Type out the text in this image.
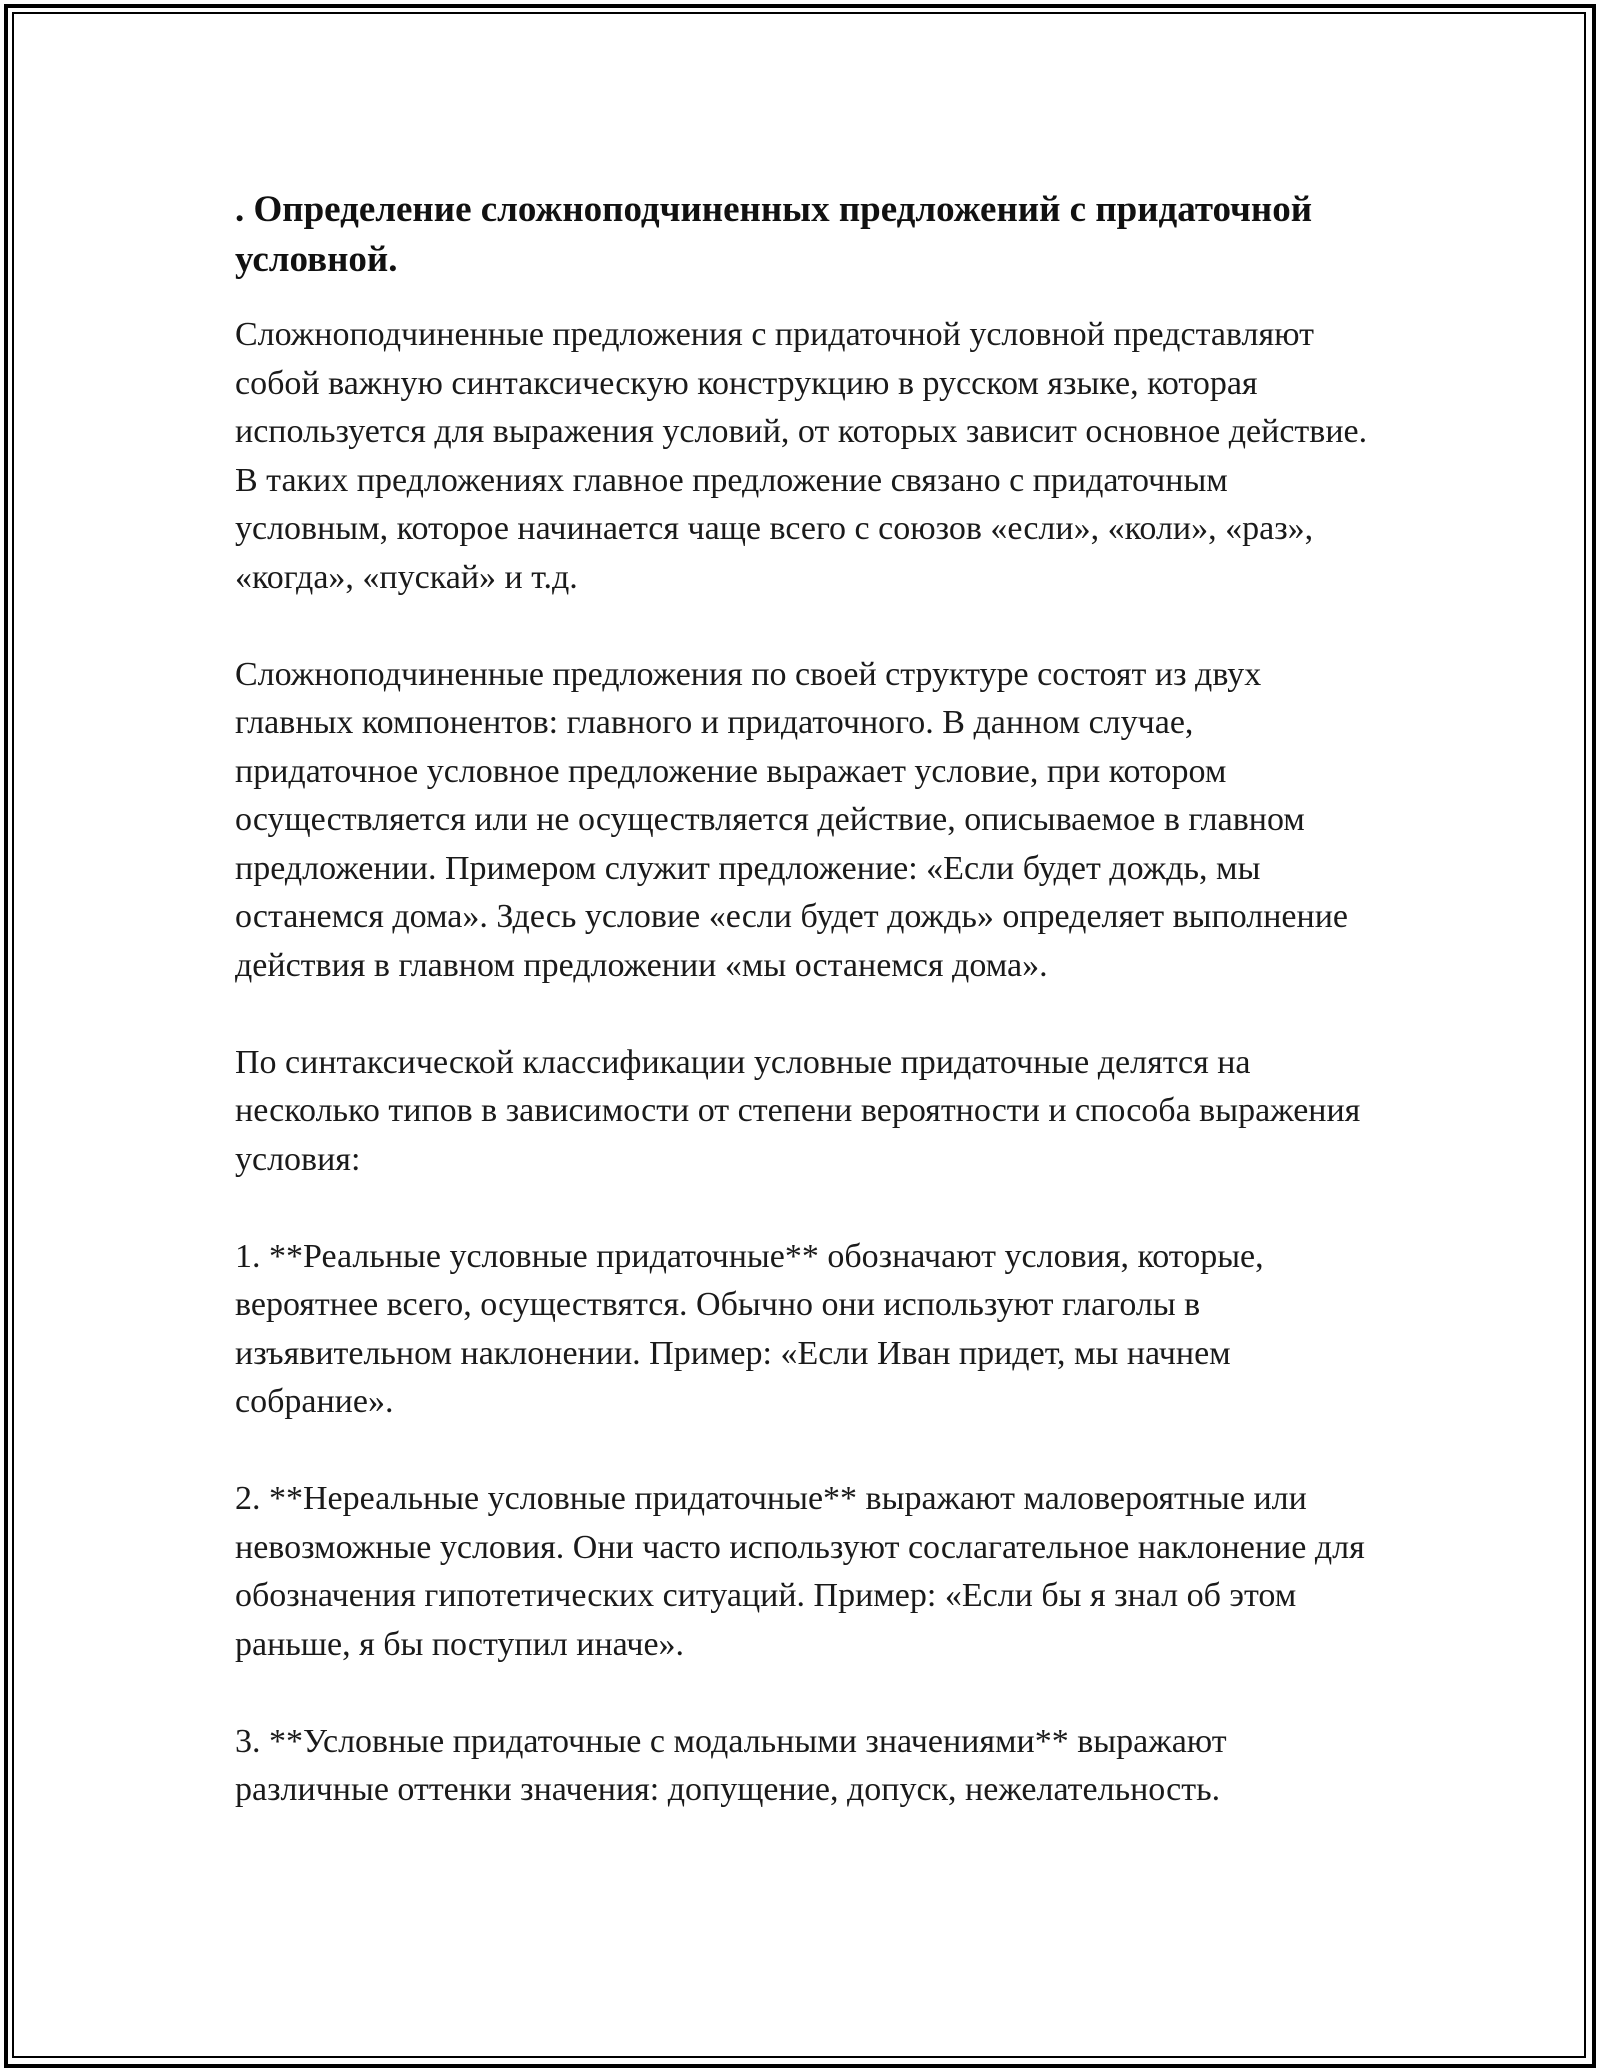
. Определение сложноподчиненных предложений с придаточной условной.

Сложноподчиненные предложения с придаточной условной представляют собой важную синтаксическую конструкцию в русском языке, которая используется для выражения условий, от которых зависит основное действие. В таких предложениях главное предложение связано с придаточным условным, которое начинается чаще всего с союзов «если», «коли», «раз», «когда», «пускай» и т.д.

Сложноподчиненные предложения по своей структуре состоят из двух главных компонентов: главного и придаточного. В данном случае, придаточное условное предложение выражает условие, при котором осуществляется или не осуществляется действие, описываемое в главном предложении. Примером служит предложение: «Если будет дождь, мы останемся дома». Здесь условие «если будет дождь» определяет выполнение действия в главном предложении «мы останемся дома».

По синтаксической классификации условные придаточные делятся на несколько типов в зависимости от степени вероятности и способа выражения условия:

1. **Реальные условные придаточные** обозначают условия, которые, вероятнее всего, осуществятся. Обычно они используют глаголы в изъявительном наклонении. Пример: «Если Иван придет, мы начнем собрание».

2. **Нереальные условные придаточные** выражают маловероятные или невозможные условия. Они часто используют сослагательное наклонение для обозначения гипотетических ситуаций. Пример: «Если бы я знал об этом раньше, я бы поступил иначе».

3. **Условные придаточные с модальными значениями** выражают различные оттенки значения: допущение, допуск, нежелательность.
